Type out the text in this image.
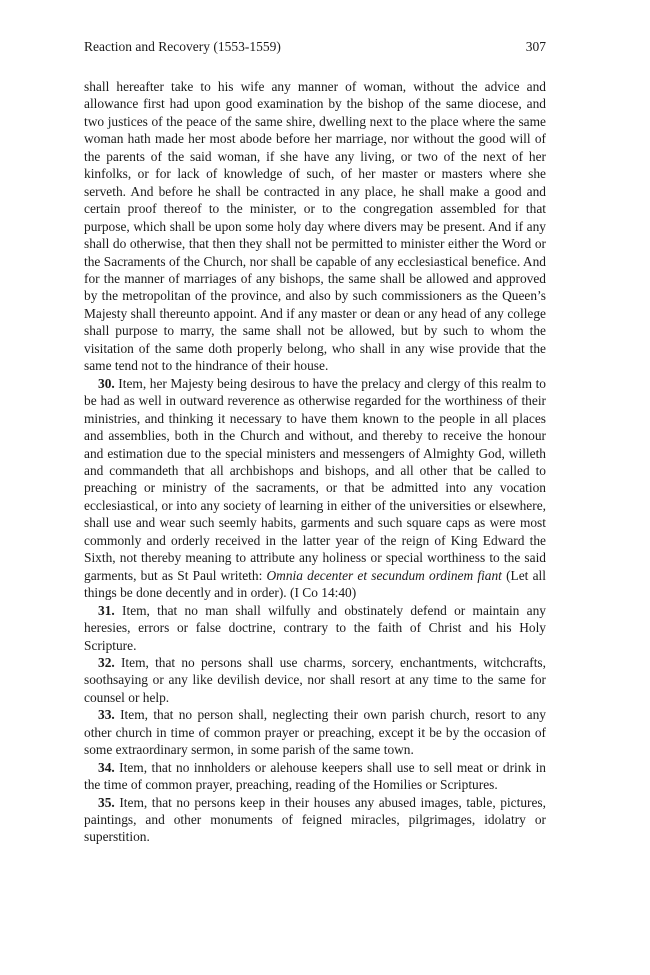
Reaction and Recovery (1553-1559)	307

shall hereafter take to his wife any manner of woman, without the advice and allowance first had upon good examination by the bishop of the same diocese, and two justices of the peace of the same shire, dwelling next to the place where the same woman hath made her most abode before her marriage, nor without the good will of the parents of the said woman, if she have any living, or two of the next of her kinfolks, or for lack of knowledge of such, of her master or masters where she serveth. And before he shall be contracted in any place, he shall make a good and certain proof thereof to the minister, or to the congregation assembled for that purpose, which shall be upon some holy day where divers may be present. And if any shall do otherwise, that then they shall not be permitted to minister either the Word or the Sacraments of the Church, nor shall be capable of any ecclesiastical benefice. And for the manner of marriages of any bishops, the same shall be allowed and approved by the metropolitan of the province, and also by such commissioners as the Queen’s Majesty shall thereunto appoint. And if any master or dean or any head of any college shall purpose to marry, the same shall not be allowed, but by such to whom the visitation of the same doth properly belong, who shall in any wise provide that the same tend not to the hindrance of their house.

30. Item, her Majesty being desirous to have the prelacy and clergy of this realm to be had as well in outward reverence as otherwise regarded for the worthiness of their ministries, and thinking it necessary to have them known to the people in all places and assemblies, both in the Church and without, and thereby to receive the honour and estimation due to the special ministers and messengers of Almighty God, willeth and commandeth that all archbishops and bishops, and all other that be called to preaching or ministry of the sacraments, or that be admitted into any vocation ecclesiastical, or into any society of learning in either of the universities or elsewhere, shall use and wear such seemly habits, garments and such square caps as were most commonly and orderly received in the latter year of the reign of King Edward the Sixth, not thereby meaning to attribute any holiness or special worthiness to the said garments, but as St Paul writeth: Omnia decenter et secundum ordinem fiant (Let all things be done decently and in order). (I Co 14:40)

31. Item, that no man shall wilfully and obstinately defend or maintain any heresies, errors or false doctrine, contrary to the faith of Christ and his Holy Scripture.

32. Item, that no persons shall use charms, sorcery, enchantments, witchcrafts, soothsaying or any like devilish device, nor shall resort at any time to the same for counsel or help.

33. Item, that no person shall, neglecting their own parish church, resort to any other church in time of common prayer or preaching, except it be by the occasion of some extraordinary sermon, in some parish of the same town.

34. Item, that no innholders or alehouse keepers shall use to sell meat or drink in the time of common prayer, preaching, reading of the Homilies or Scriptures.

35. Item, that no persons keep in their houses any abused images, table, pictures, paintings, and other monuments of feigned miracles, pilgrimages, idolatry or superstition.
